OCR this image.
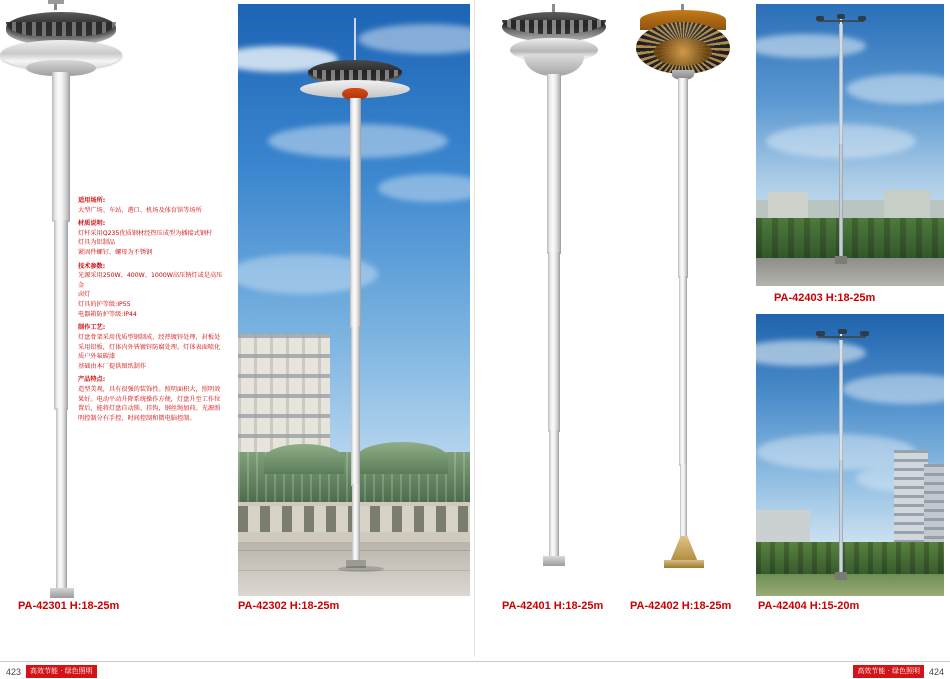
适用场所:

大型广场、车站、港口、机场及体育馆等场所

材质说明:

灯杆采用Q235优质钢材经热压成型为插接式钢杆

灯具为铝制品

紧固件螺钉、螺母为不锈钢

技术参数:

光源采用250W、400W、1000W高压钠灯或是高压金

卤灯

灯具的护等级:IP55

电器箱防护等级:IP44

制作工艺:

灯盘骨架采用优质型钢制成，经热镀锌处理，封板处

采用铝板，灯体内外皆镀锌防腐处理。灯体表面喷化

质户外氟碳漆

基础由本厂提供图纸制作

产品特点:

造型美观，具有很强的装饰性。照明面积大，照明效

果好。电动平动升降系统操作方便，灯盘升至工作位

置后，能将灯盘自动锁、挂钩，钢丝绳加荷。光源照

明控制分有手控、时间控制和微电脑控制。

PA-42301 H:18-25m	PA-42302 H:18-25m	PA-42401 H:18-25m PA-42402 H:18-25m
PA-42403 H:18-25m
PA-42404 H:15-20m
423	高效节能 · 绿色照明	高效节能 · 绿色照明 424
